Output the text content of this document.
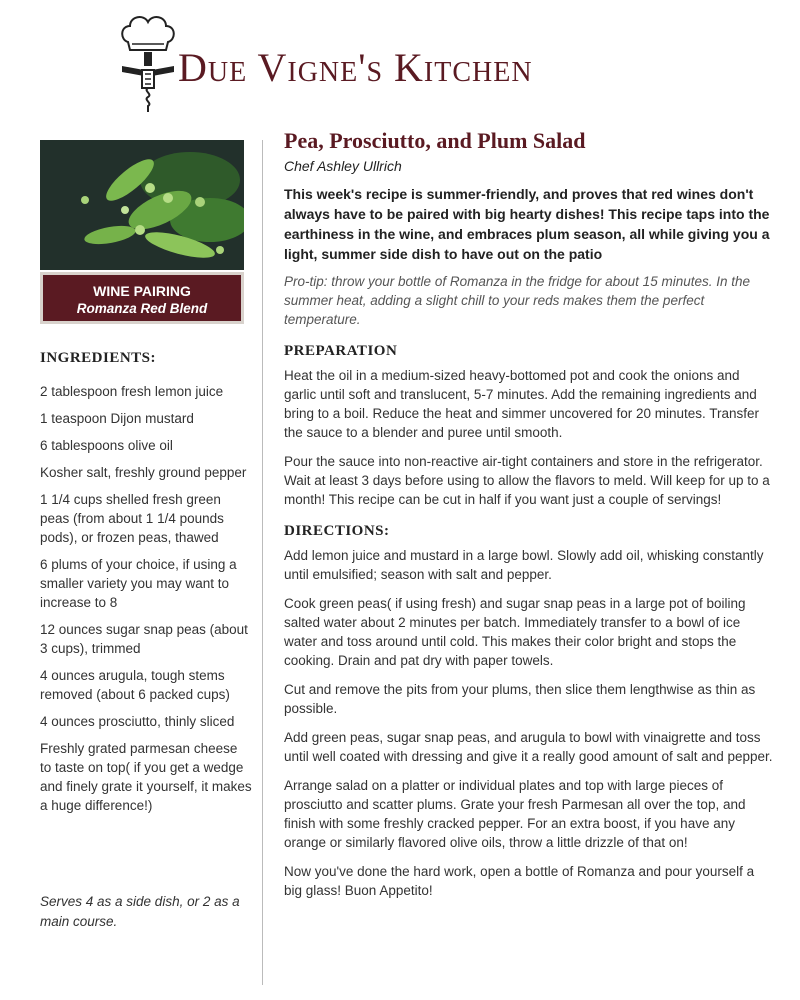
Due Vigne's Kitchen
WINE PAIRING
Romanza Red Blend
INGREDIENTS:
2 tablespoon fresh lemon juice
1 teaspoon Dijon mustard
6 tablespoons olive oil
Kosher salt, freshly ground pepper
1 1/4 cups shelled fresh green peas (from about 1 1/4 pounds pods), or frozen peas, thawed
6 plums of your choice, if using a smaller variety you may want to increase to 8
12 ounces sugar snap peas (about 3 cups), trimmed
4 ounces arugula, tough stems removed (about 6 packed cups)
4 ounces prosciutto, thinly sliced
Freshly grated parmesan cheese to taste on top( if you get a wedge and finely grate it yourself, it makes a huge difference!)
Serves 4 as a side dish, or 2 as a main course.
Pea, Prosciutto, and Plum Salad
Chef Ashley Ullrich
This week's recipe is summer-friendly, and proves that red wines don't always have to be paired with big hearty dishes! This recipe taps into the earthiness in the wine, and embraces plum season, all while giving you a light, summer side dish to have out on the patio
Pro-tip: throw your bottle of Romanza in the fridge for about 15 minutes. In the summer heat, adding a slight chill to your reds makes them the perfect temperature.
PREPARATION
Heat the oil in a medium-sized heavy-bottomed pot and cook the onions and garlic until soft and translucent, 5-7 minutes. Add the remaining ingredients and bring to a boil. Reduce the heat and simmer uncovered for 20 minutes. Transfer the sauce to a blender and puree until smooth.
Pour the sauce into non-reactive air-tight containers and store in the refrigerator. Wait at least 3 days before using to allow the flavors to meld. Will keep for up to a month! This recipe can be cut in half if you want just a couple of servings!
DIRECTIONS:
Add lemon juice and mustard in a large bowl. Slowly add oil, whisking constantly until emulsified; season with salt and pepper.
Cook green peas( if using fresh) and sugar snap peas in a large pot of boiling salted water about 2 minutes per batch. Immediately transfer to a bowl of ice water and toss around until cold. This makes their color bright and stops the cooking. Drain and pat dry with paper towels.
Cut and remove the pits from your plums, then slice them lengthwise as thin as possible.
Add green peas, sugar snap peas, and arugula to bowl with vinaigrette and toss until well coated with dressing and give it a really good amount of salt and pepper.
Arrange salad on a platter or individual plates and top with large pieces of prosciutto and scatter plums. Grate your fresh Parmesan all over the top, and finish with some freshly cracked pepper. For an extra boost, if you have any orange or similarly flavored olive oils, throw a little drizzle of that on!
Now you've done the hard work, open a bottle of Romanza and pour yourself a big glass! Buon Appetito!
